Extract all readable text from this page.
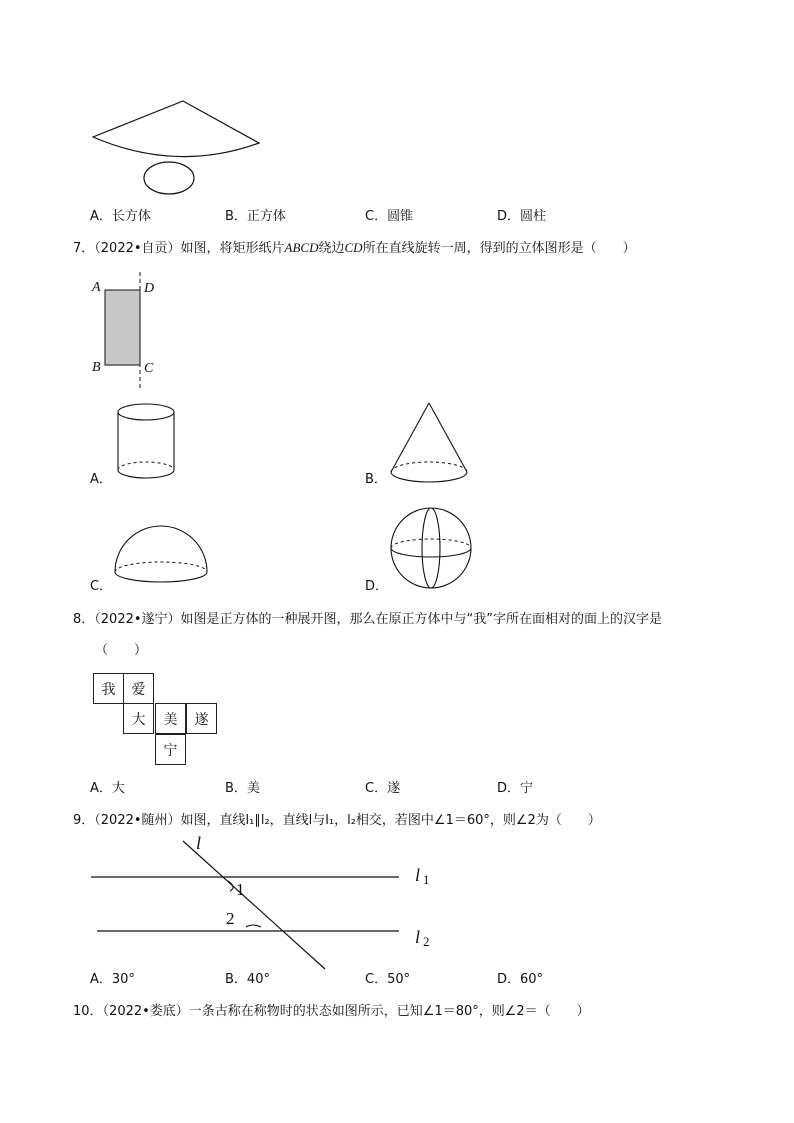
A．长方体	B．正方体	C．圆锥	D．圆柱
7．（2022•自贡）如图，将矩形纸片ABCD绕边CD所在直线旋转一周，得到的立体图形是（　　）
A	D
B	C
A．	B．
C．	D．
8．（2022•遂宁）如图是正方体的一种展开图，那么在原正方体中与“我”字所在面相对的面上的汉字是
（　　）
我	爱
大	美	遂
宁
A．大	B．美	C．遂	D．宁
9．（2022•随州）如图，直线l₁∥l₂，直线l与l₁，l₂相交，若图中∠1＝60°，则∠2为（　　）
l
1
2
l 1
l 2
A．30°	B．40°	C．50°	D．60°
10．（2022•娄底）一条古称在称物时的状态如图所示，已知∠1＝80°，则∠2＝（　　）
